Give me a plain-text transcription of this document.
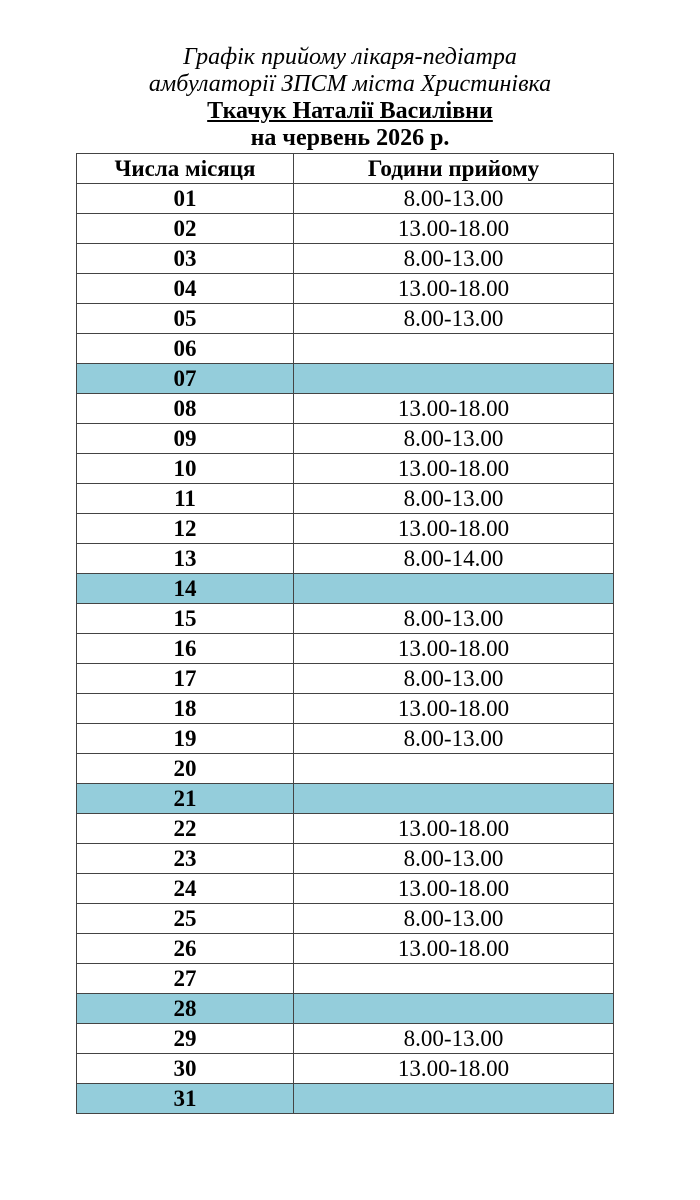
Графік прийому лікаря-педіатра
амбулаторії ЗПСМ міста Христинівка
Ткачук Наталії Василівни
на червень 2026 р.
Числа місяця	Години прийому
01	8.00-13.00
02	13.00-18.00
03	8.00-13.00
04	13.00-18.00
05	8.00-13.00
06	
07	
08	13.00-18.00
09	8.00-13.00
10	13.00-18.00
11	8.00-13.00
12	13.00-18.00
13	8.00-14.00
14	
15	8.00-13.00
16	13.00-18.00
17	8.00-13.00
18	13.00-18.00
19	8.00-13.00
20	
21	
22	13.00-18.00
23	8.00-13.00
24	13.00-18.00
25	8.00-13.00
26	13.00-18.00
27	
28	
29	8.00-13.00
30	13.00-18.00
31	
